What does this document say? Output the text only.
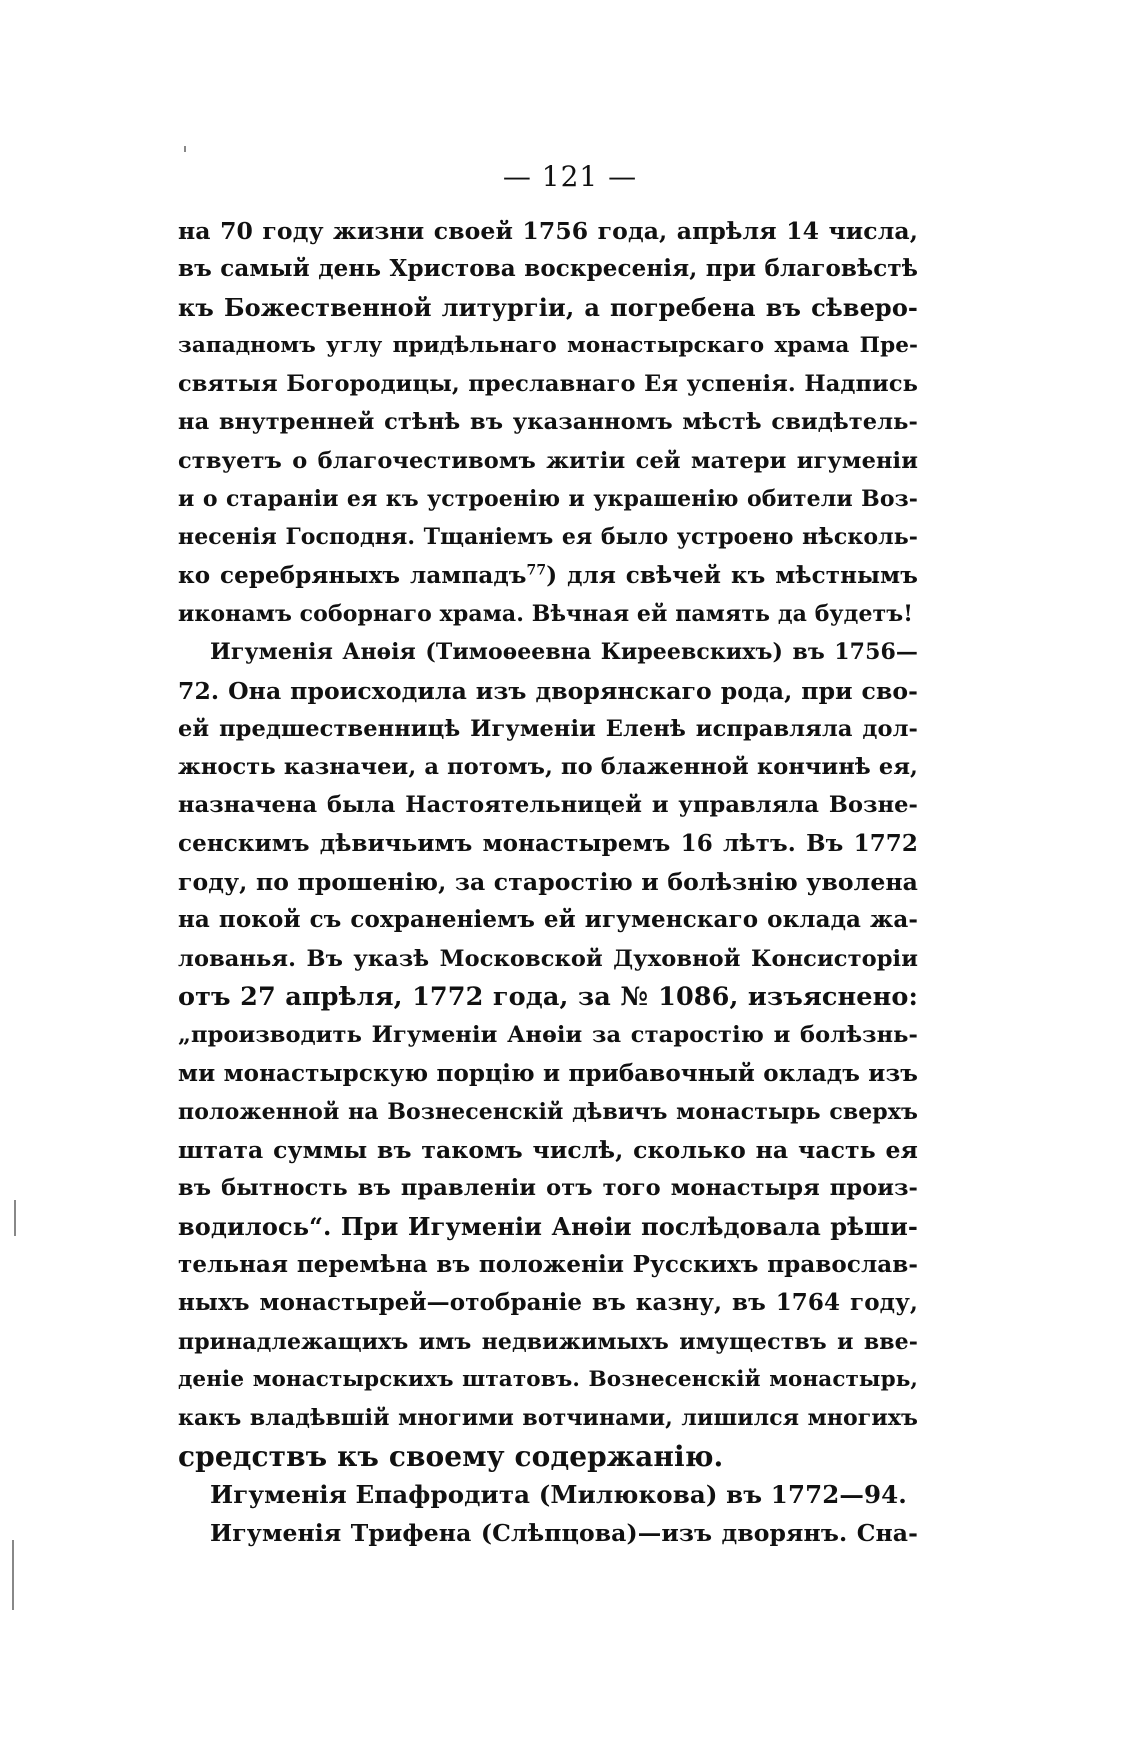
— 121 —
на 70 году жизни своей 1756 года, апрѣля 14 числа,
въ самый день Христова воскресенія, при благовѣстѣ
къ Божественной литургіи, а погребена въ сѣверо-
западномъ углу придѣльнаго монастырскаго храма Пре-
святыя Богородицы, преславнаго Ея успенія. Надпись
на внутренней стѣнѣ въ указанномъ мѣстѣ свидѣтель-
ствуетъ о благочестивомъ житіи сей матери игуменіи
и о стараніи ея къ устроенію и украшенію обители Воз-
несенія Господня. Тщаніемъ ея было устроено нѣсколь-
ко серебряныхъ лампадъ$^{77}$) для свѣчей къ мѣстнымъ
иконамъ соборнаго храма. Вѣчная ей память да будетъ!
Игуменія Анѳія (Тимоѳеевна Киреевскихъ) въ 1756—
72. Она происходила изъ дворянскаго рода, при сво-
ей предшественницѣ Игуменіи Еленѣ исправляла дол-
жность казначеи, а потомъ, по блаженной кончинѣ ея,
назначена была Настоятельницей и управляла Возне-
сенскимъ дѣвичьимъ монастыремъ 16 лѣтъ. Въ 1772
году, по прошенію, за старостію и болѣзнію уволена
на покой съ сохраненіемъ ей игуменскаго оклада жа-
лованья. Въ указѣ Московской Духовной Консисторіи
отъ 27 апрѣля, 1772 года, за № 1086, изъяснено:
„производить Игуменіи Анѳіи за старостію и болѣзнь-
ми монастырскую порцію и прибавочный окладъ изъ
положенной на Вознесенскій дѣвичъ монастырь сверхъ
штата суммы въ такомъ числѣ, сколько на часть ея
въ бытность въ правленіи отъ того монастыря произ-
водилось“. При Игуменіи Анѳіи послѣдовала рѣши-
тельная перемѣна въ положеніи Русскихъ православ-
ныхъ монастырей—отобраніе въ казну, въ 1764 году,
принадлежащихъ имъ недвижимыхъ имуществъ и вве-
деніе монастырскихъ штатовъ. Вознесенскій монастырь,
какъ владѣвшій многими вотчинами, лишился многихъ
средствъ къ своему содержанію.
Игуменія Епафродита (Милюкова) въ 1772—94.
Игуменія Трифена (Слѣпцова)—изъ дворянъ. Сна-
